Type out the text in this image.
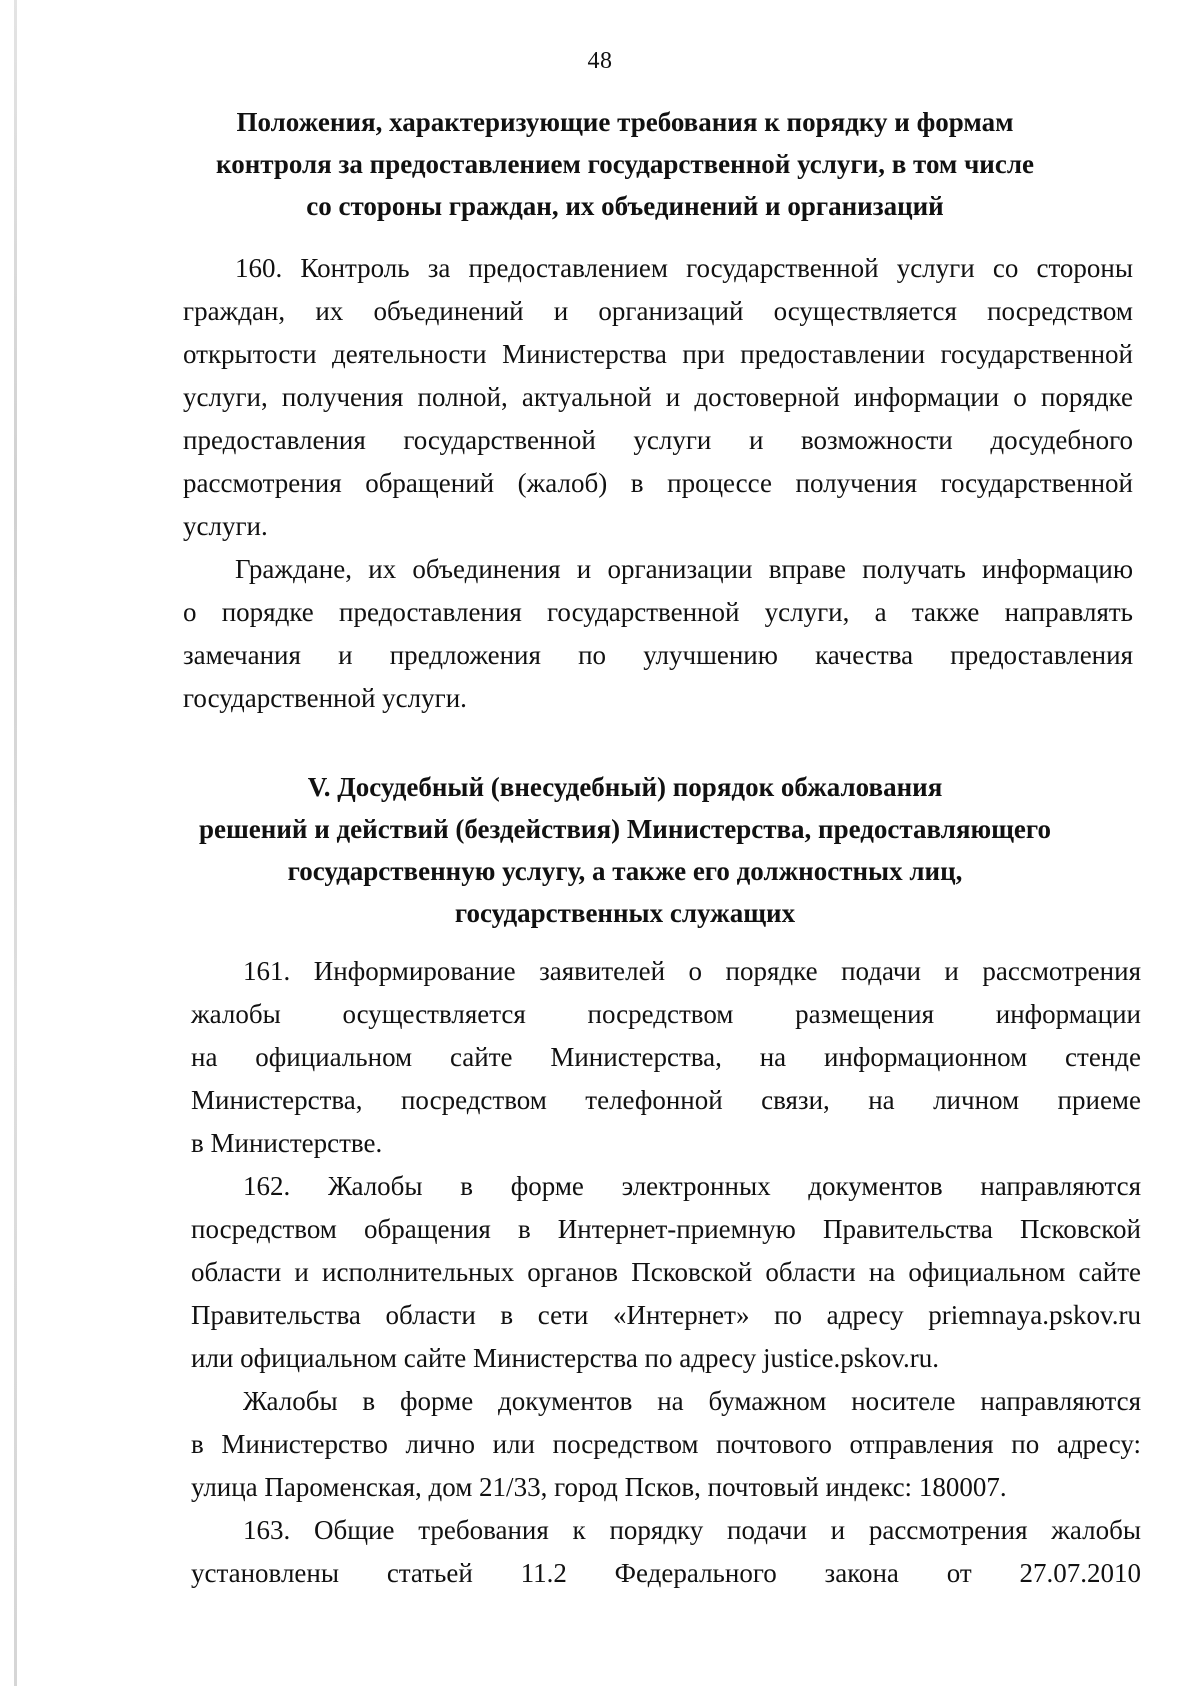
48
Положения, характеризующие требования к порядку и формам
контроля за предоставлением государственной услуги, в том числе
со стороны граждан, их объединений и организаций
160. Контроль за предоставлением государственной услуги со стороны
граждан, их объединений и организаций осуществляется посредством
открытости деятельности Министерства при предоставлении государственной
услуги, получения полной, актуальной и достоверной информации о порядке
предоставления государственной услуги и возможности досудебного
рассмотрения обращений (жалоб) в процессе получения государственной
услуги.
Граждане, их объединения и организации вправе получать информацию
о порядке предоставления государственной услуги, а также направлять
замечания и предложения по улучшению качества предоставления
государственной услуги.
V. Досудебный (внесудебный) порядок обжалования
решений и действий (бездействия) Министерства, предоставляющего
государственную услугу, а также его должностных лиц,
государственных служащих
161. Информирование заявителей о порядке подачи и рассмотрения
жалобы осуществляется посредством размещения информации
на официальном сайте Министерства, на информационном стенде
Министерства, посредством телефонной связи, на личном приеме
в Министерстве.
162. Жалобы в форме электронных документов направляются
посредством обращения в Интернет-приемную Правительства Псковской
области и исполнительных органов Псковской области на официальном сайте
Правительства области в сети «Интернет» по адресу priemnaya.pskov.ru
или официальном сайте Министерства по адресу justice.pskov.ru.
Жалобы в форме документов на бумажном носителе направляются
в Министерство лично или посредством почтового отправления по адресу:
улица Пароменская, дом 21/33, город Псков, почтовый индекс: 180007.
163. Общие требования к порядку подачи и рассмотрения жалобы
установлены статьей 11.2 Федерального закона от 27.07.2010
